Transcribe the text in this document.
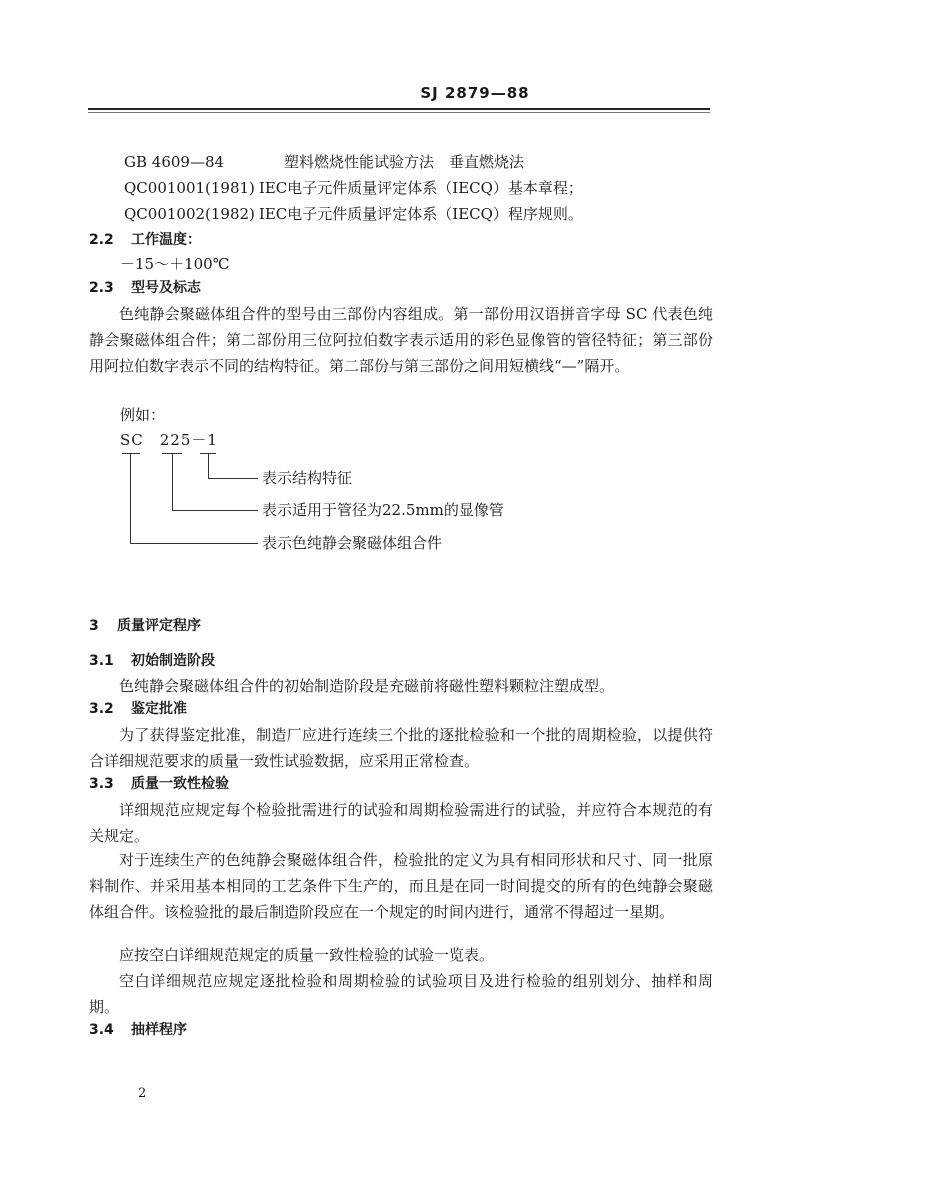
SJ 2879—88
GB 4609—84	塑料燃烧性能试验方法　垂直燃烧法
QC001001(1981) IEC电子元件质量评定体系（IECQ）基本章程；
QC001002(1982) IEC电子元件质量评定体系（IECQ）程序规则。
2.2 工作温度：
－15～＋100℃
2.3 型号及标志
色纯静会聚磁体组合件的型号由三部份内容组成。第一部份用汉语拼音字母 SC 代表色纯静会聚磁体组合件；第二部份用三位阿拉伯数字表示适用的彩色显像管的管径特征；第三部份用阿拉伯数字表示不同的结构特征。第二部份与第三部份之间用短横线“—”隔开。
例如：
SC　225－1
表示结构特征
表示适用于管径为22.5mm的显像管
表示色纯静会聚磁体组合件
3 质量评定程序
3.1 初始制造阶段
色纯静会聚磁体组合件的初始制造阶段是充磁前将磁性塑料颗粒注塑成型。
3.2 鉴定批准
为了获得鉴定批准，制造厂应进行连续三个批的逐批检验和一个批的周期检验，以提供符合详细规范要求的质量一致性试验数据，应采用正常检查。
3.3 质量一致性检验
详细规范应规定每个检验批需进行的试验和周期检验需进行的试验，并应符合本规范的有关规定。
对于连续生产的色纯静会聚磁体组合件，检验批的定义为具有相同形状和尺寸、同一批原料制作、并采用基本相同的工艺条件下生产的，而且是在同一时间提交的所有的色纯静会聚磁体组合件。该检验批的最后制造阶段应在一个规定的时间内进行，通常不得超过一星期。
应按空白详细规范规定的质量一致性检验的试验一览表。
空白详细规范应规定逐批检验和周期检验的试验项目及进行检验的组别划分、抽样和周期。
3.4 抽样程序
2
